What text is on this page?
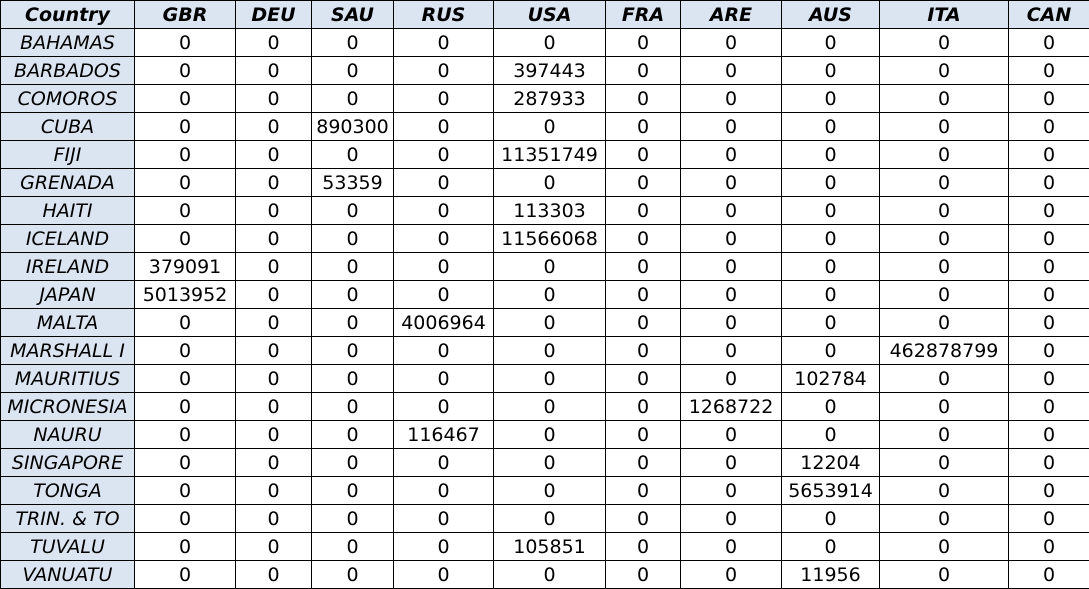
Country	GBR	DEU	SAU	RUS	USA	FRA	ARE	AUS	ITA	CAN
BAHAMAS	0	0	0	0	0	0	0	0	0	0
BARBADOS	0	0	0	0	397443	0	0	0	0	0
COMOROS	0	0	0	0	287933	0	0	0	0	0
CUBA	0	0	890300	0	0	0	0	0	0	0
FIJI	0	0	0	0	11351749	0	0	0	0	0
GRENADA	0	0	53359	0	0	0	0	0	0	0
HAITI	0	0	0	0	113303	0	0	0	0	0
ICELAND	0	0	0	0	11566068	0	0	0	0	0
IRELAND	379091	0	0	0	0	0	0	0	0	0
JAPAN	5013952	0	0	0	0	0	0	0	0	0
MALTA	0	0	0	4006964	0	0	0	0	0	0
MARSHALL I	0	0	0	0	0	0	0	0	462878799	0
MAURITIUS	0	0	0	0	0	0	0	102784	0	0
MICRONESIA	0	0	0	0	0	0	1268722	0	0	0
NAURU	0	0	0	116467	0	0	0	0	0	0
SINGAPORE	0	0	0	0	0	0	0	12204	0	0
TONGA	0	0	0	0	0	0	0	5653914	0	0
TRIN. & TO	0	0	0	0	0	0	0	0	0	0
TUVALU	0	0	0	0	105851	0	0	0	0	0
VANUATU	0	0	0	0	0	0	0	11956	0	0
